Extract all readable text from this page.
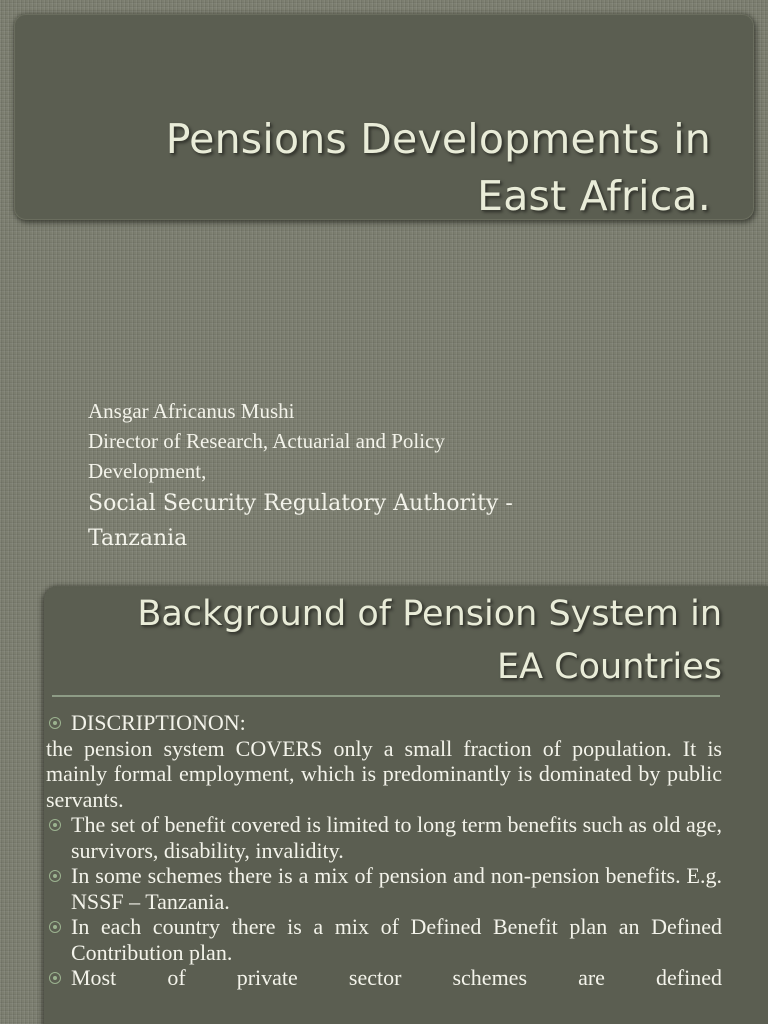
Pensions Developments in
East Africa.

Ansgar Africanus Mushi

Director of Research, Actuarial and Policy

Development,

Social Security Regulatory Authority -

Tanzania

Background of Pension System in
EA Countries

DISCRIPTIONON:

the pension system COVERS only a small fraction of population. It is mainly formal employment, which is predominantly is dominated by public servants.

The set of benefit covered is limited to long term benefits such as old age, survivors, disability, invalidity.

In some schemes there is a mix of pension and non-pension benefits. E.g. NSSF – Tanzania.

In each country there is a mix of Defined Benefit plan an Defined Contribution plan.

Most of private sector schemes are defined
